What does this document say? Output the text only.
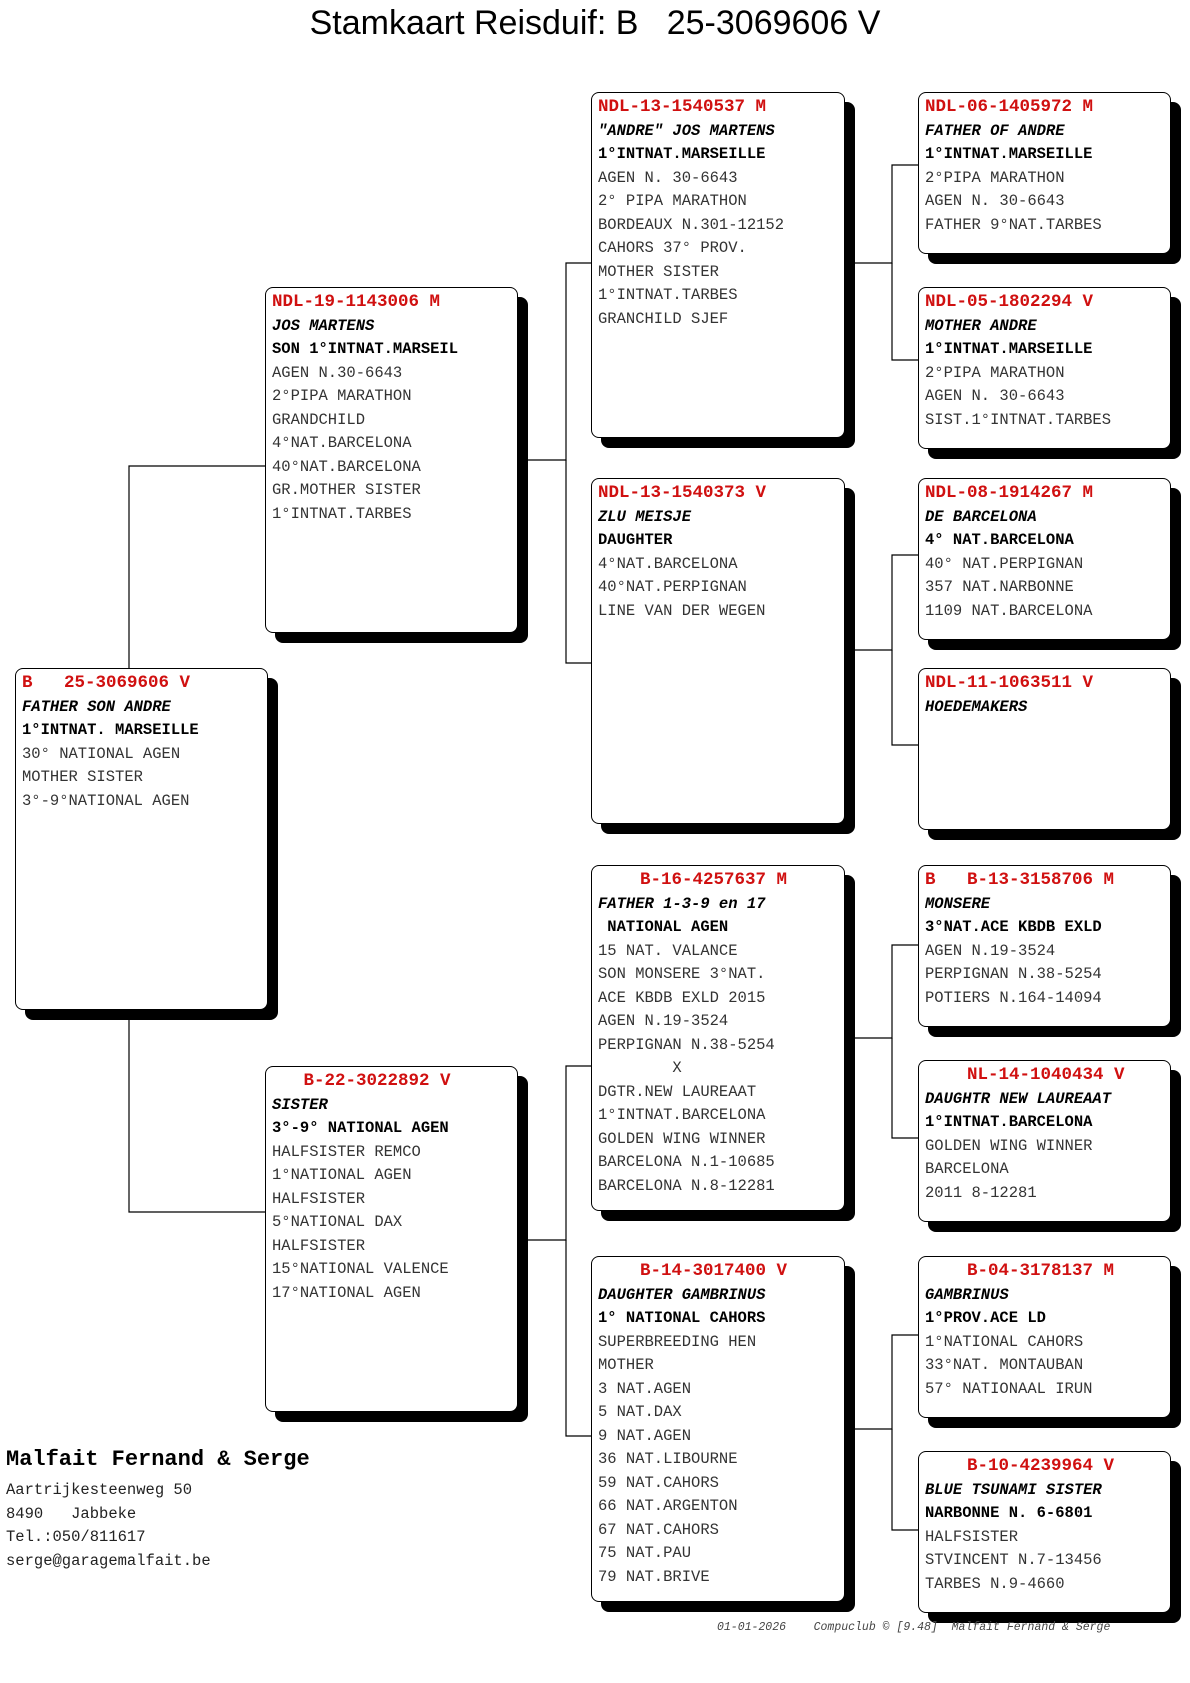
Stamkaart Reisduif: B   25-3069606 V
B   25-3069606 V
FATHER SON ANDRE
1°INTNAT. MARSEILLE
30° NATIONAL AGEN
MOTHER SISTER
3°-9°NATIONAL AGEN
NDL-19-1143006 M
JOS MARTENS
SON 1°INTNAT.MARSEIL
AGEN N.30-6643
2°PIPA MARATHON
GRANDCHILD
4°NAT.BARCELONA
40°NAT.BARCELONA
GR.MOTHER SISTER
1°INTNAT.TARBES
B-22-3022892 V
SISTER
3°-9° NATIONAL AGEN
HALFSISTER REMCO
1°NATIONAL AGEN
HALFSISTER
5°NATIONAL DAX
HALFSISTER
15°NATIONAL VALENCE
17°NATIONAL AGEN
NDL-13-1540537 M
"ANDRE" JOS MARTENS
1°INTNAT.MARSEILLE
AGEN N. 30-6643
2° PIPA MARATHON
BORDEAUX N.301-12152
CAHORS 37° PROV.
MOTHER SISTER
1°INTNAT.TARBES
GRANCHILD SJEF
NDL-13-1540373 V
ZLU MEISJE
DAUGHTER
4°NAT.BARCELONA
40°NAT.PERPIGNAN
LINE VAN DER WEGEN
B-16-4257637 M
FATHER 1-3-9 en 17
NATIONAL AGEN
15 NAT. VALANCE
SON MONSERE 3°NAT.
ACE KBDB EXLD 2015
AGEN N.19-3524
PERPIGNAN N.38-5254
X
DGTR.NEW LAUREAAT
1°INTNAT.BARCELONA
GOLDEN WING WINNER
BARCELONA N.1-10685
BARCELONA N.8-12281
B-14-3017400 V
DAUGHTER GAMBRINUS
1° NATIONAL CAHORS
SUPERBREEDING HEN
MOTHER
3 NAT.AGEN
5 NAT.DAX
9 NAT.AGEN
36 NAT.LIBOURNE
59 NAT.CAHORS
66 NAT.ARGENTON
67 NAT.CAHORS
75 NAT.PAU
79 NAT.BRIVE
NDL-06-1405972 M
FATHER OF ANDRE
1°INTNAT.MARSEILLE
2°PIPA MARATHON
AGEN N. 30-6643
FATHER 9°NAT.TARBES
NDL-05-1802294 V
MOTHER ANDRE
1°INTNAT.MARSEILLE
2°PIPA MARATHON
AGEN N. 30-6643
SIST.1°INTNAT.TARBES
NDL-08-1914267 M
DE BARCELONA
4° NAT.BARCELONA
40° NAT.PERPIGNAN
357 NAT.NARBONNE
1109 NAT.BARCELONA
NDL-11-1063511 V
HOEDEMAKERS
B   B-13-3158706 M
MONSERE
3°NAT.ACE KBDB EXLD
AGEN N.19-3524
PERPIGNAN N.38-5254
POTIERS N.164-14094
NL-14-1040434 V
DAUGHTR NEW LAUREAAT
1°INTNAT.BARCELONA
GOLDEN WING WINNER
BARCELONA
2011 8-12281
B-04-3178137 M
GAMBRINUS
1°PROV.ACE LD
1°NATIONAL CAHORS
33°NAT. MONTAUBAN
57° NATIONAAL IRUN
B-10-4239964 V
BLUE TSUNAMI SISTER
NARBONNE N. 6-6801
HALFSISTER
STVINCENT N.7-13456
TARBES N.9-4660
Malfait Fernand & Serge
Aartrijkesteenweg 50
8490   Jabbeke
Tel.:050/811617
serge@garagemalfait.be
01-01-2026    Compuclub © [9.48]  Malfait Fernand & Serge
